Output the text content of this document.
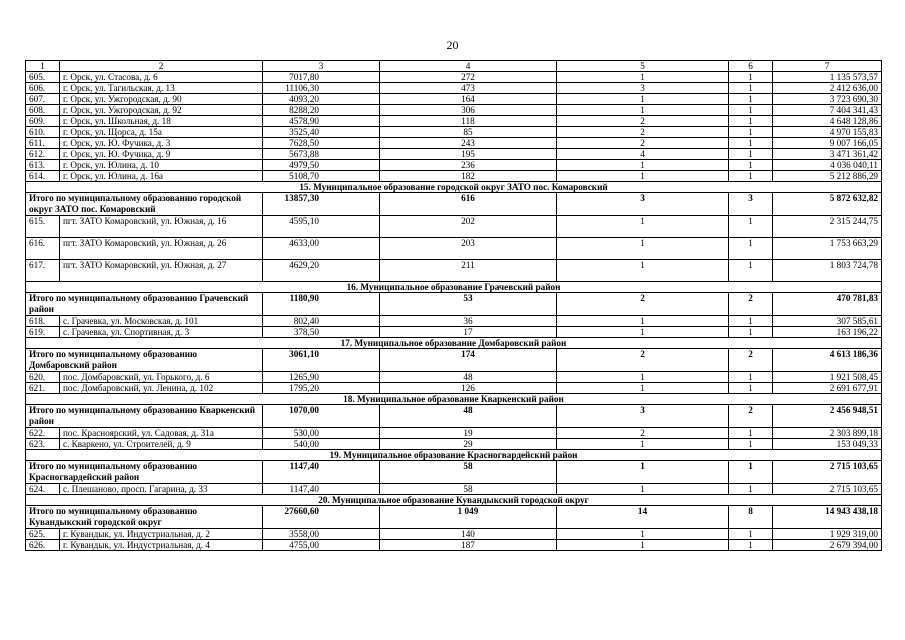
20
1	2	3	4	5	6	7
605.	г. Орск, ул. Стасова, д. 6	7017,80	272	1	1	1 135 573,57
606.	г. Орск, ул. Тагильская, д. 13	11106,30	473	3	1	2 412 636,00
607.	г. Орск, ул. Ужгородская, д. 90	4093,20	164	1	1	3 723 690,30
608.	г. Орск, ул. Ужгородская, д. 92	8288,20	306	1	1	7 404 341,43
609.	г. Орск, ул. Школьная, д. 18	4578,90	118	2	1	4 648 128,86
610.	г. Орск, ул. Щорса, д. 15а	3525,40	85	2	1	4 970 155,83
611.	г. Орск, ул. Ю. Фучика, д. 3	7628,50	243	2	1	9 007 166,05
612.	г. Орск, ул. Ю. Фучика, д. 9	5673,88	195	4	1	3 471 361,42
613.	г. Орск, ул. Юлина, д. 10	4979,50	236	1	1	4 036 040,11
614.	г. Орск, ул. Юлина, д. 16а	5108,70	182	1	1	5 212 886,29
15. Муниципальное образование городской округ ЗАТО пос. Комаровский						
Итого по муниципальному образованию городской округ ЗАТО пос. Комаровский		13857,30	616	3	3	5 872 632,82
615.	пгт. ЗАТО Комаровский, ул. Южная, д. 16	4595,10	202	1	1	2 315 244,75
616.	пгт. ЗАТО Комаровский, ул. Южная, д. 26	4633,00	203	1	1	1 753 663,29
617.	пгт. ЗАТО Комаровский, ул. Южная, д. 27	4629,20	211	1	1	1 803 724,78
16. Муниципальное образование Грачевский район						
Итого по муниципальному образованию Грачевский район		1180,90	53	2	2	470 781,83
618.	с. Грачевка, ул. Московская, д. 101	802,40	36	1	1	307 585,61
619.	с. Грачевка, ул. Спортивная, д. 3	378,50	17	1	1	163 196,22
17. Муниципальное образование Домбаровский район						
Итого по муниципальному образованию Домбаровский район		3061,10	174	2	2	4 613 186,36
620.	пос. Домбаровский, ул. Горького, д. 6	1265,90	48	1	1	1 921 508,45
621.	пос. Домбаровский, ул. Ленина, д. 102	1795,20	126	1	1	2 691 677,91
18. Муниципальное образование Кваркенский район						
Итого по муниципальному образованию Кваркенский район		1070,00	48	3	2	2 456 948,51
622.	пос. Красноярский, ул. Садовая, д. 31а	530,00	19	2	1	2 303 899,18
623.	с. Кваркено, ул. Строителей, д. 9	540,00	29	1	1	153 049,33
19. Муниципальное образование Красногвардейский район						
Итого по муниципальному образованию Красногвардейский район		1147,40	58	1	1	2 715 103,65
624.	с. Плешаново, просп. Гагарина, д. 33	1147,40	58	1	1	2 715 103,65
20. Муниципальное образование Кувандыкский городской округ						
Итого по муниципальному образованию Кувандыкский городской округ		27660,60	1 049	14	8	14 943 438,18
625.	г. Кувандык, ул. Индустриальная, д. 2	3558,00	140	1	1	1 929 319,00
626.	г. Кувандык, ул. Индустриальная, д. 4	4755,00	187	1	1	2 679 394,00
